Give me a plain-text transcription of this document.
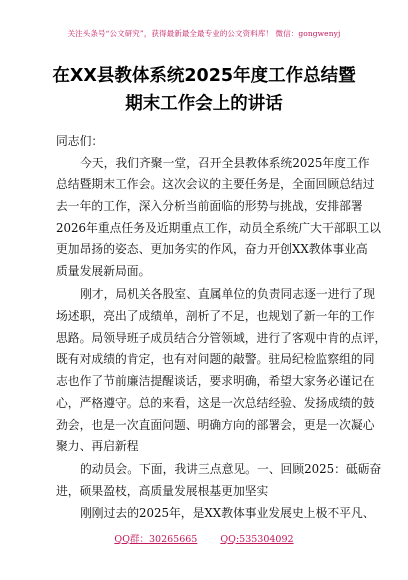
关注头条号“公文研究”，获得最新最全最专业的公文资料库！ 微信：gongwenyj
在XX县教体系统2025年度工作总结暨
期末工作会上的讲话
同志们：
今天，我们齐聚一堂，召开全县教体系统2025年度工作
总结暨期末工作会。这次会议的主要任务是，全面回顾总结过
去一年的工作，深入分析当前面临的形势与挑战，安排部署
2026年重点任务及近期重点工作，动员全系统广大干部职工以
更加昂扬的姿态、更加务实的作风，奋力开创XX教体事业高
质量发展新局面。
刚才，局机关各股室、直属单位的负责同志逐一进行了现
场述职，亮出了成绩单，剖析了不足，也规划了新一年的工作
思路。局领导班子成员结合分管领域，进行了客观中肯的点评，
既有对成绩的肯定，也有对问题的敲警。驻局纪检监察组的同
志也作了节前廉洁提醒谈话，要求明确，希望大家务必谨记在
心，严格遵守。总的来看，这是一次总结经验、发扬成绩的鼓
劲会，也是一次直面问题、明确方向的部署会，更是一次凝心
聚力、再启新程
的动员会。下面，我讲三点意见。一、回顾2025：砥砺奋
进，硕果盈枝，高质量发展根基更加坚实
刚刚过去的2025年，是XX教体事业发展史上极不平凡、
QQ群：30265665 QQ:535304092
